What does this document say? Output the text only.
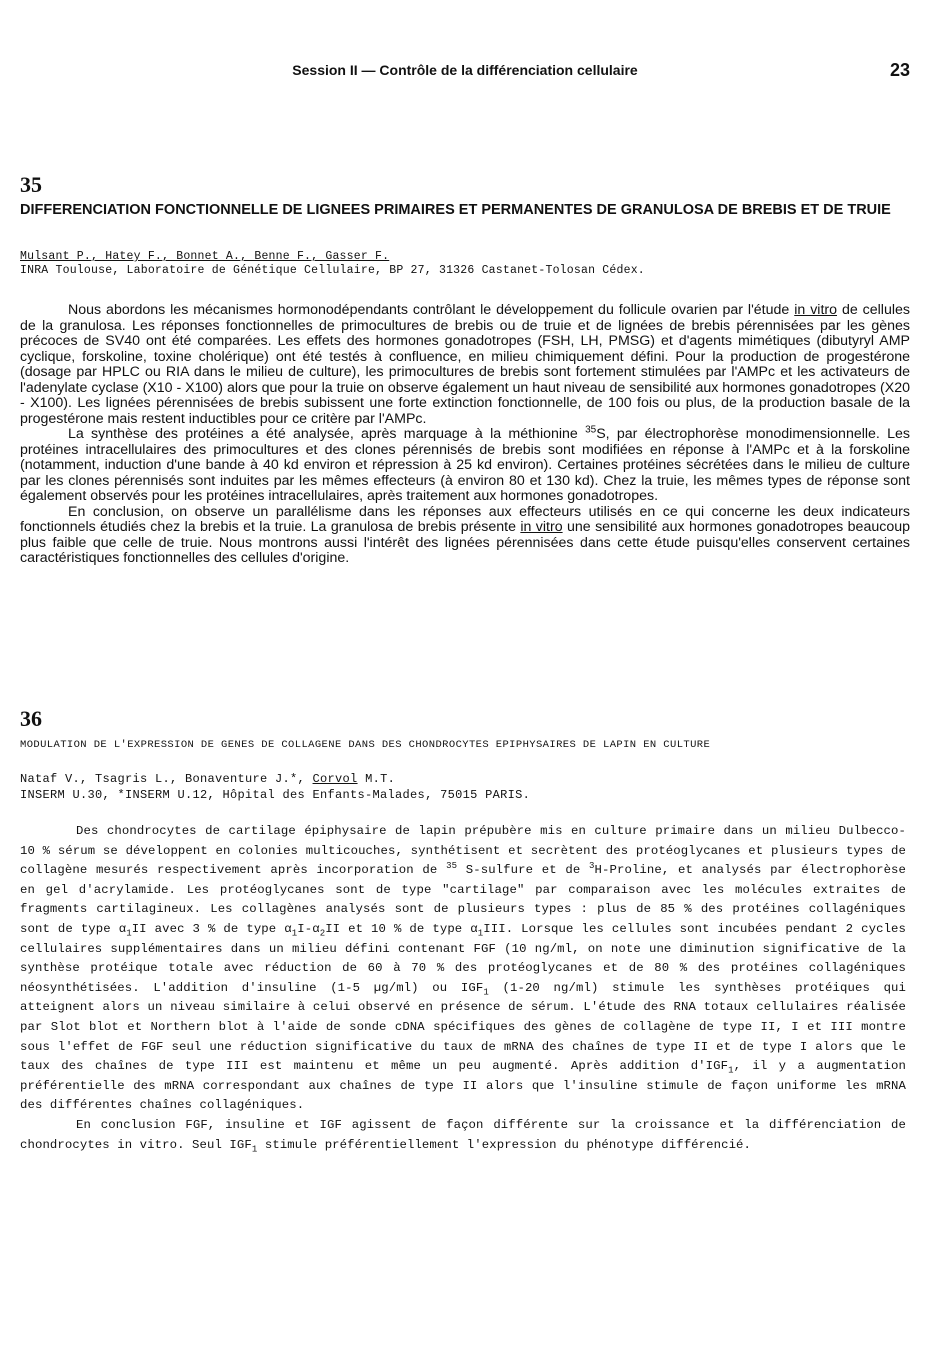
Session II — Contrôle de la différenciation cellulaire	23
35
DIFFERENCIATION FONCTIONNELLE DE LIGNEES PRIMAIRES ET PERMANENTES DE GRANULOSA DE BREBIS ET DE TRUIE
Mulsant P., Hatey F., Bonnet A., Benne F., Gasser F.
INRA Toulouse, Laboratoire de Génétique Cellulaire, BP 27, 31326 Castanet-Tolosan Cédex.

Nous abordons les mécanismes hormonodépendants contrôlant le développement du follicule ovarien par l'étude in vitro de cellules de la granulosa. Les réponses fonctionnelles de primocultures de brebis ou de truie et de lignées de brebis pérennisées par les gènes précoces de SV40 ont été comparées. Les effets des hormones gonadotropes (FSH, LH, PMSG) et d'agents mimétiques (dibutyryl AMP cyclique, forskoline, toxine cholérique) ont été testés à confluence, en milieu chimiquement défini. Pour la production de progestérone (dosage par HPLC ou RIA dans le milieu de culture), les primocultures de brebis sont fortement stimulées par l'AMPc et les activateurs de l'adenylate cyclase (X10 - X100) alors que pour la truie on observe également un haut niveau de sensibilité aux hormones gonadotropes (X20 - X100). Les lignées pérennisées de brebis subissent une forte extinction fonctionnelle, de 100 fois ou plus, de la production basale de la progestérone mais restent inductibles pour ce critère par l'AMPc.

La synthèse des protéines a été analysée, après marquage à la méthionine $^{35}$S, par électrophorèse monodimensionnelle. Les protéines intracellulaires des primocultures et des clones pérennisés de brebis sont modifiées en réponse à l'AMPc et à la forskoline (notamment, induction d'une bande à 40 kd environ et répression à 25 kd environ). Certaines protéines sécrétées dans le milieu de culture par les clones pérennisés sont induites par les mêmes effecteurs (à environ 80 et 130 kd). Chez la truie, les mêmes types de réponse sont également observés pour les protéines intracellulaires, après traitement aux hormones gonadotropes.

En conclusion, on observe un parallélisme dans les réponses aux effecteurs utilisés en ce qui concerne les deux indicateurs fonctionnels étudiés chez la brebis et la truie. La granulosa de brebis présente in vitro une sensibilité aux hormones gonadotropes beaucoup plus faible que celle de truie. Nous montrons aussi l'intérêt des lignées pérennisées dans cette étude puisqu'elles conservent certaines caractéristiques fonctionnelles des cellules d'origine.

36
MODULATION DE L'EXPRESSION DE GENES DE COLLAGENE DANS DES CHONDROCYTES EPIPHYSAIRES DE LAPIN EN CULTURE
Nataf V., Tsagris L., Bonaventure J.*, Corvol M.T.
INSERM U.30, *INSERM U.12, Hôpital des Enfants-Malades, 75015 PARIS.

Des chondrocytes de cartilage épiphysaire de lapin prépubère mis en culture primaire dans un milieu Dulbecco-10 % sérum se développent en colonies multicouches, synthétisent et secrètent des protéoglycanes et plusieurs types de collagène mesurés respectivement après incorporation de $^{35}$ S-sulfure et de $^3$H-Proline, et analysés par électrophorèse en gel d'acrylamide. Les protéoglycanes sont de type "cartilage" par comparaison avec les molécules extraites de fragments cartilagineux. Les collagènes analysés sont de plusieurs types : plus de 85 % des protéines collagéniques sont de type $\alpha_1II$ avec 3 % de type $\alpha_1I-\alpha_2II$ et 10 % de type $\alpha_1III$. Lorsque les cellules sont incubées pendant 2 cycles cellulaires supplémentaires dans un milieu défini contenant FGF (10 ng/ml, on note une diminution significative de la synthèse protéique totale avec réduction de 60 à 70 % des protéoglycanes et de 80 % des protéines collagéniques néosynthétisées. L'addition d'insuline (1-5 µg/ml) ou $IGF_1$ (1-20 ng/ml) stimule les synthèses protéiques qui atteignent alors un niveau similaire à celui observé en présence de sérum. L'étude des RNA totaux cellulaires réalisée par Slot blot et Northern blot à l'aide de sonde cDNA spécifiques des gènes de collagène de type II, I et III montre sous l'effet de FGF seul une réduction significative du taux de mRNA des chaînes de type II et de type I alors que le taux des chaînes de type III est maintenu et même un peu augmenté. Après addition $d'IGF_1$, il y a augmentation préférentielle des mRNA correspondant aux chaînes de type II alors que l'insuline stimule de façon uniforme les mRNA des différentes chaînes collagéniques.

En conclusion FGF, insuline et IGF agissent de façon différente sur la croissance et la différenciation de chondrocytes in vitro. Seul $IGF_1$ stimule préférentiellement l'expression du phénotype différencié.
